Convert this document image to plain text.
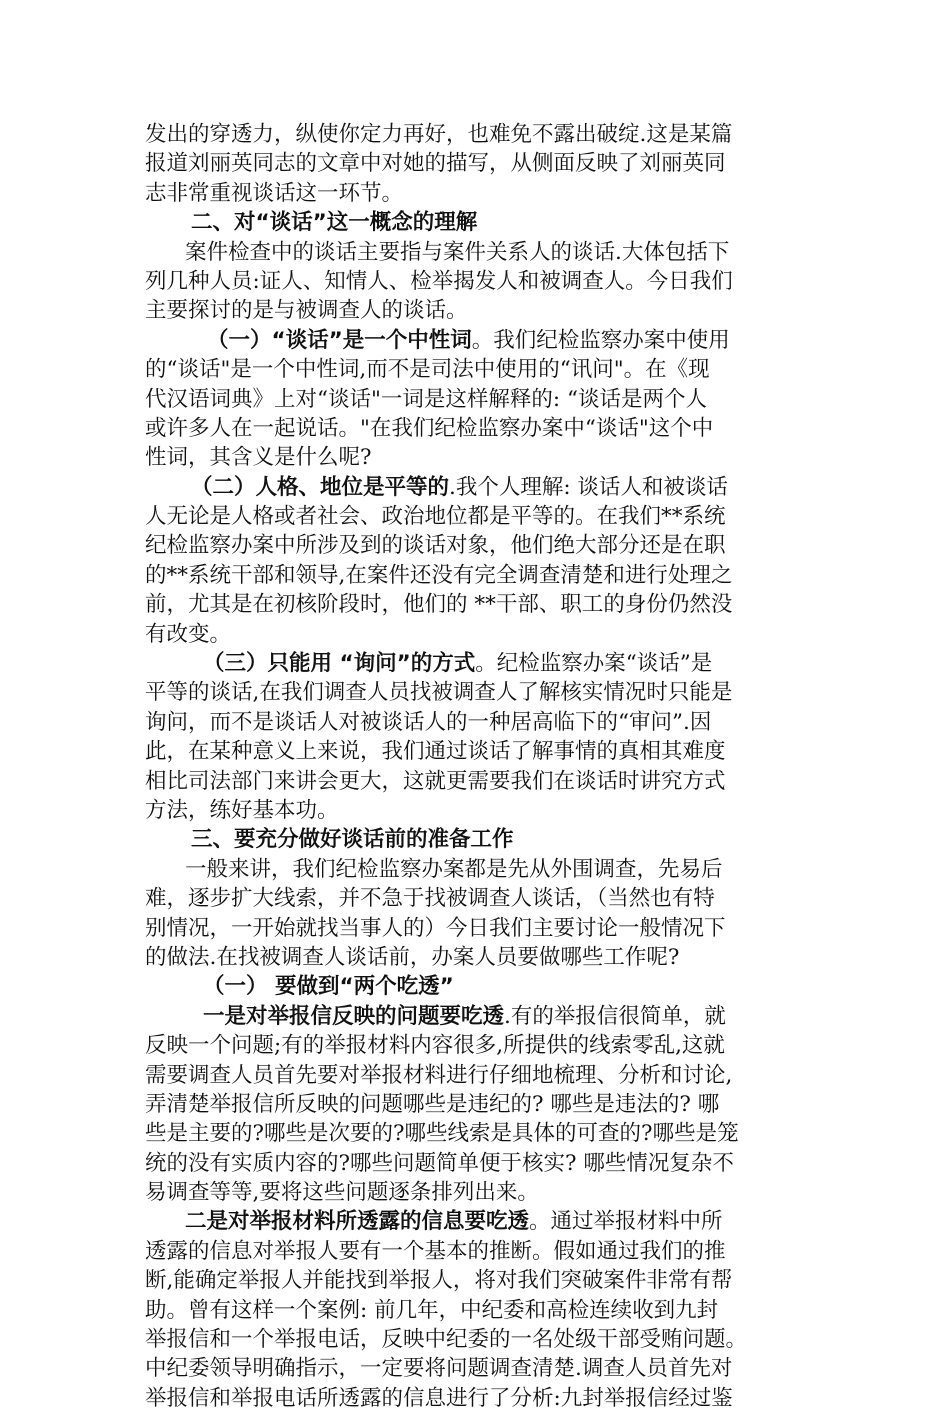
发出的穿透力，纵使你定力再好，也难免不露出破绽.这是某篇
报道刘丽英同志的文章中对她的描写，从侧面反映了刘丽英同
志非常重视谈话这一环节。
二、对“谈话”这一概念的理解
案件检查中的谈话主要指与案件关系人的谈话.大体包括下
列几种人员:证人、知情人、检举揭发人和被调查人。今日我们
主要探讨的是与被调查人的谈话。
（一）“谈话”是一个中性词。我们纪检监察办案中使用
的“谈话"是一个中性词,而不是司法中使用的“讯问"。在《现
代汉语词典》上对“谈话"一词是这样解释的: “谈话是两个人
或许多人在一起说话。"在我们纪检监察办案中“谈话"这个中
性词，其含义是什么呢?
（二）人格、地位是平等的.我个人理解: 谈话人和被谈话
人无论是人格或者社会、政治地位都是平等的。在我们**系统
纪检监察办案中所涉及到的谈话对象，他们绝大部分还是在职
的**系统干部和领导,在案件还没有完全调查清楚和进行处理之
前，尤其是在初核阶段时，他们的 **干部、职工的身份仍然没
有改变。
（三）只能用 “询问”的方式。纪检监察办案“谈话”是
平等的谈话,在我们调查人员找被调查人了解核实情况时只能是
询问，而不是谈话人对被谈话人的一种居高临下的“审问”.因
此，在某种意义上来说，我们通过谈话了解事情的真相其难度
相比司法部门来讲会更大，这就更需要我们在谈话时讲究方式
方法，练好基本功。
三、要充分做好谈话前的准备工作
一般来讲，我们纪检监察办案都是先从外围调查，先易后
难，逐步扩大线索，并不急于找被调查人谈话，（当然也有特
别情况，一开始就找当事人的）今日我们主要讨论一般情况下
的做法.在找被调查人谈话前，办案人员要做哪些工作呢?
（一） 要做到“两个吃透”
一是对举报信反映的问题要吃透.有的举报信很简单，就
反映一个问题;有的举报材料内容很多,所提供的线索零乱,这就
需要调查人员首先要对举报材料进行仔细地梳理、分析和讨论,
弄清楚举报信所反映的问题哪些是违纪的? 哪些是违法的? 哪
些是主要的?哪些是次要的?哪些线索是具体的可查的?哪些是笼
统的没有实质内容的?哪些问题简单便于核实? 哪些情况复杂不
易调查等等,要将这些问题逐条排列出来。
二是对举报材料所透露的信息要吃透。通过举报材料中所
透露的信息对举报人要有一个基本的推断。假如通过我们的推
断,能确定举报人并能找到举报人，将对我们突破案件非常有帮
助。曾有这样一个案例: 前几年，中纪委和高检连续收到九封
举报信和一个举报电话，反映中纪委的一名处级干部受贿问题。
中纪委领导明确指示，一定要将问题调查清楚.调查人员首先对
举报信和举报电话所透露的信息进行了分析:九封举报信经过鉴
